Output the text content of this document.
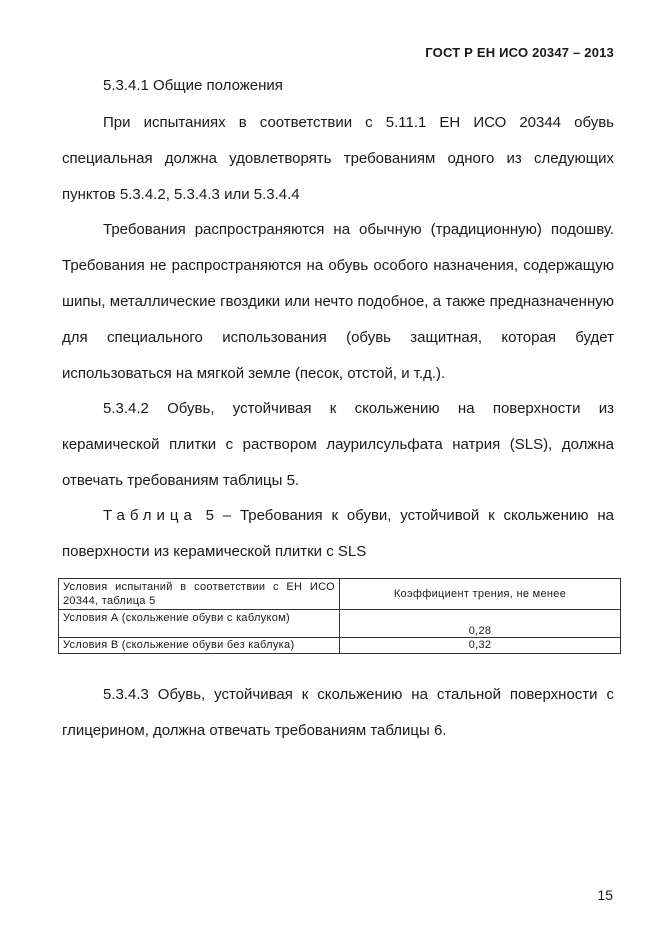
ГОСТ Р ЕН ИСО 20347 – 2013

5.3.4.1 Общие положения

При испытаниях в соответствии с 5.11.1 ЕН ИСО 20344 обувь специальная должна удовлетворять требованиям одного из следующих пунктов 5.3.4.2, 5.3.4.3 или 5.3.4.4

Требования распространяются на обычную (традиционную) подошву. Требования не распространяются на обувь особого назначения, содержащую шипы, металлические гвоздики или нечто подобное, а также предназначенную для специального использования (обувь защитная, которая будет использоваться на мягкой земле (песок, отстой, и т.д.).

5.3.4.2 Обувь, устойчивая к скольжению на поверхности из керамической плитки с раствором лаурилсульфата натрия (SLS), должна отвечать требованиям таблицы 5.

Таблица 5 – Требования к обуви, устойчивой к скольжению на поверхности из керамической плитки с SLS

Условия испытаний в соответствии с ЕН ИСО 20344, таблица 5	Коэффициент трения, не менее
Условия А (скольжение обуви с каблуком)	0,28
Условия В (скольжение обуви без каблука)	0,32

5.3.4.3 Обувь, устойчивая к скольжению на стальной поверхности с глицерином, должна отвечать требованиям таблицы 6.

15
